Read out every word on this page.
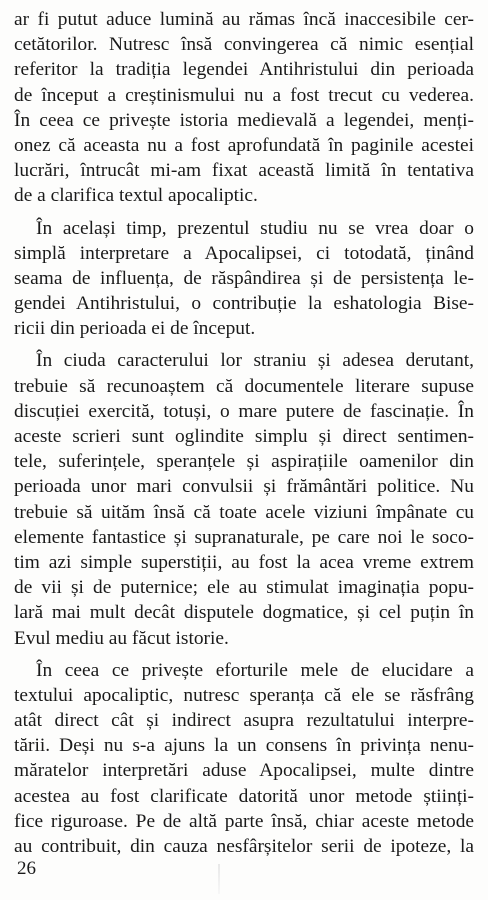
ar fi putut aduce lumină au rămas încă inaccesibile cer-
cetătorilor. Nutresc însă convingerea că nimic esențial
referitor la tradiția legendei Antihristului din perioada
de început a creștinismului nu a fost trecut cu vederea.
În ceea ce privește istoria medievală a legendei, menți-
onez că aceasta nu a fost aprofundată în paginile acestei
lucrări, întrucât mi-am fixat această limită în tentativa
de a clarifica textul apocaliptic.
În același timp, prezentul studiu nu se vrea doar o
simplă interpretare a Apocalipsei, ci totodată, ținând
seama de influența, de răspândirea și de persistența le-
gendei Antihristului, o contribuție la eshatologia Bise-
ricii din perioada ei de început.
În ciuda caracterului lor straniu și adesea derutant,
trebuie să recunoaștem că documentele literare supuse
discuției exercită, totuși, o mare putere de fascinație. În
aceste scrieri sunt oglindite simplu și direct sentimen-
tele, suferințele, speranțele și aspirațiile oamenilor din
perioada unor mari convulsii și frământări politice. Nu
trebuie să uităm însă că toate acele viziuni împânate cu
elemente fantastice și supranaturale, pe care noi le soco-
tim azi simple superstiții, au fost la acea vreme extrem
de vii și de puternice; ele au stimulat imaginația popu-
lară mai mult decât disputele dogmatice, și cel puțin în
Evul mediu au făcut istorie.
În ceea ce privește eforturile mele de elucidare a
textului apocaliptic, nutresc speranța că ele se răsfrâng
atât direct cât și indirect asupra rezultatului interpre-
tării. Deși nu s-a ajuns la un consens în privința nenu-
măratelor interpretări aduse Apocalipsei, multe dintre
acestea au fost clarificate datorită unor metode științi-
fice riguroase. Pe de altă parte însă, chiar aceste metode
au contribuit, din cauza nesfârșitelor serii de ipoteze, la
26
